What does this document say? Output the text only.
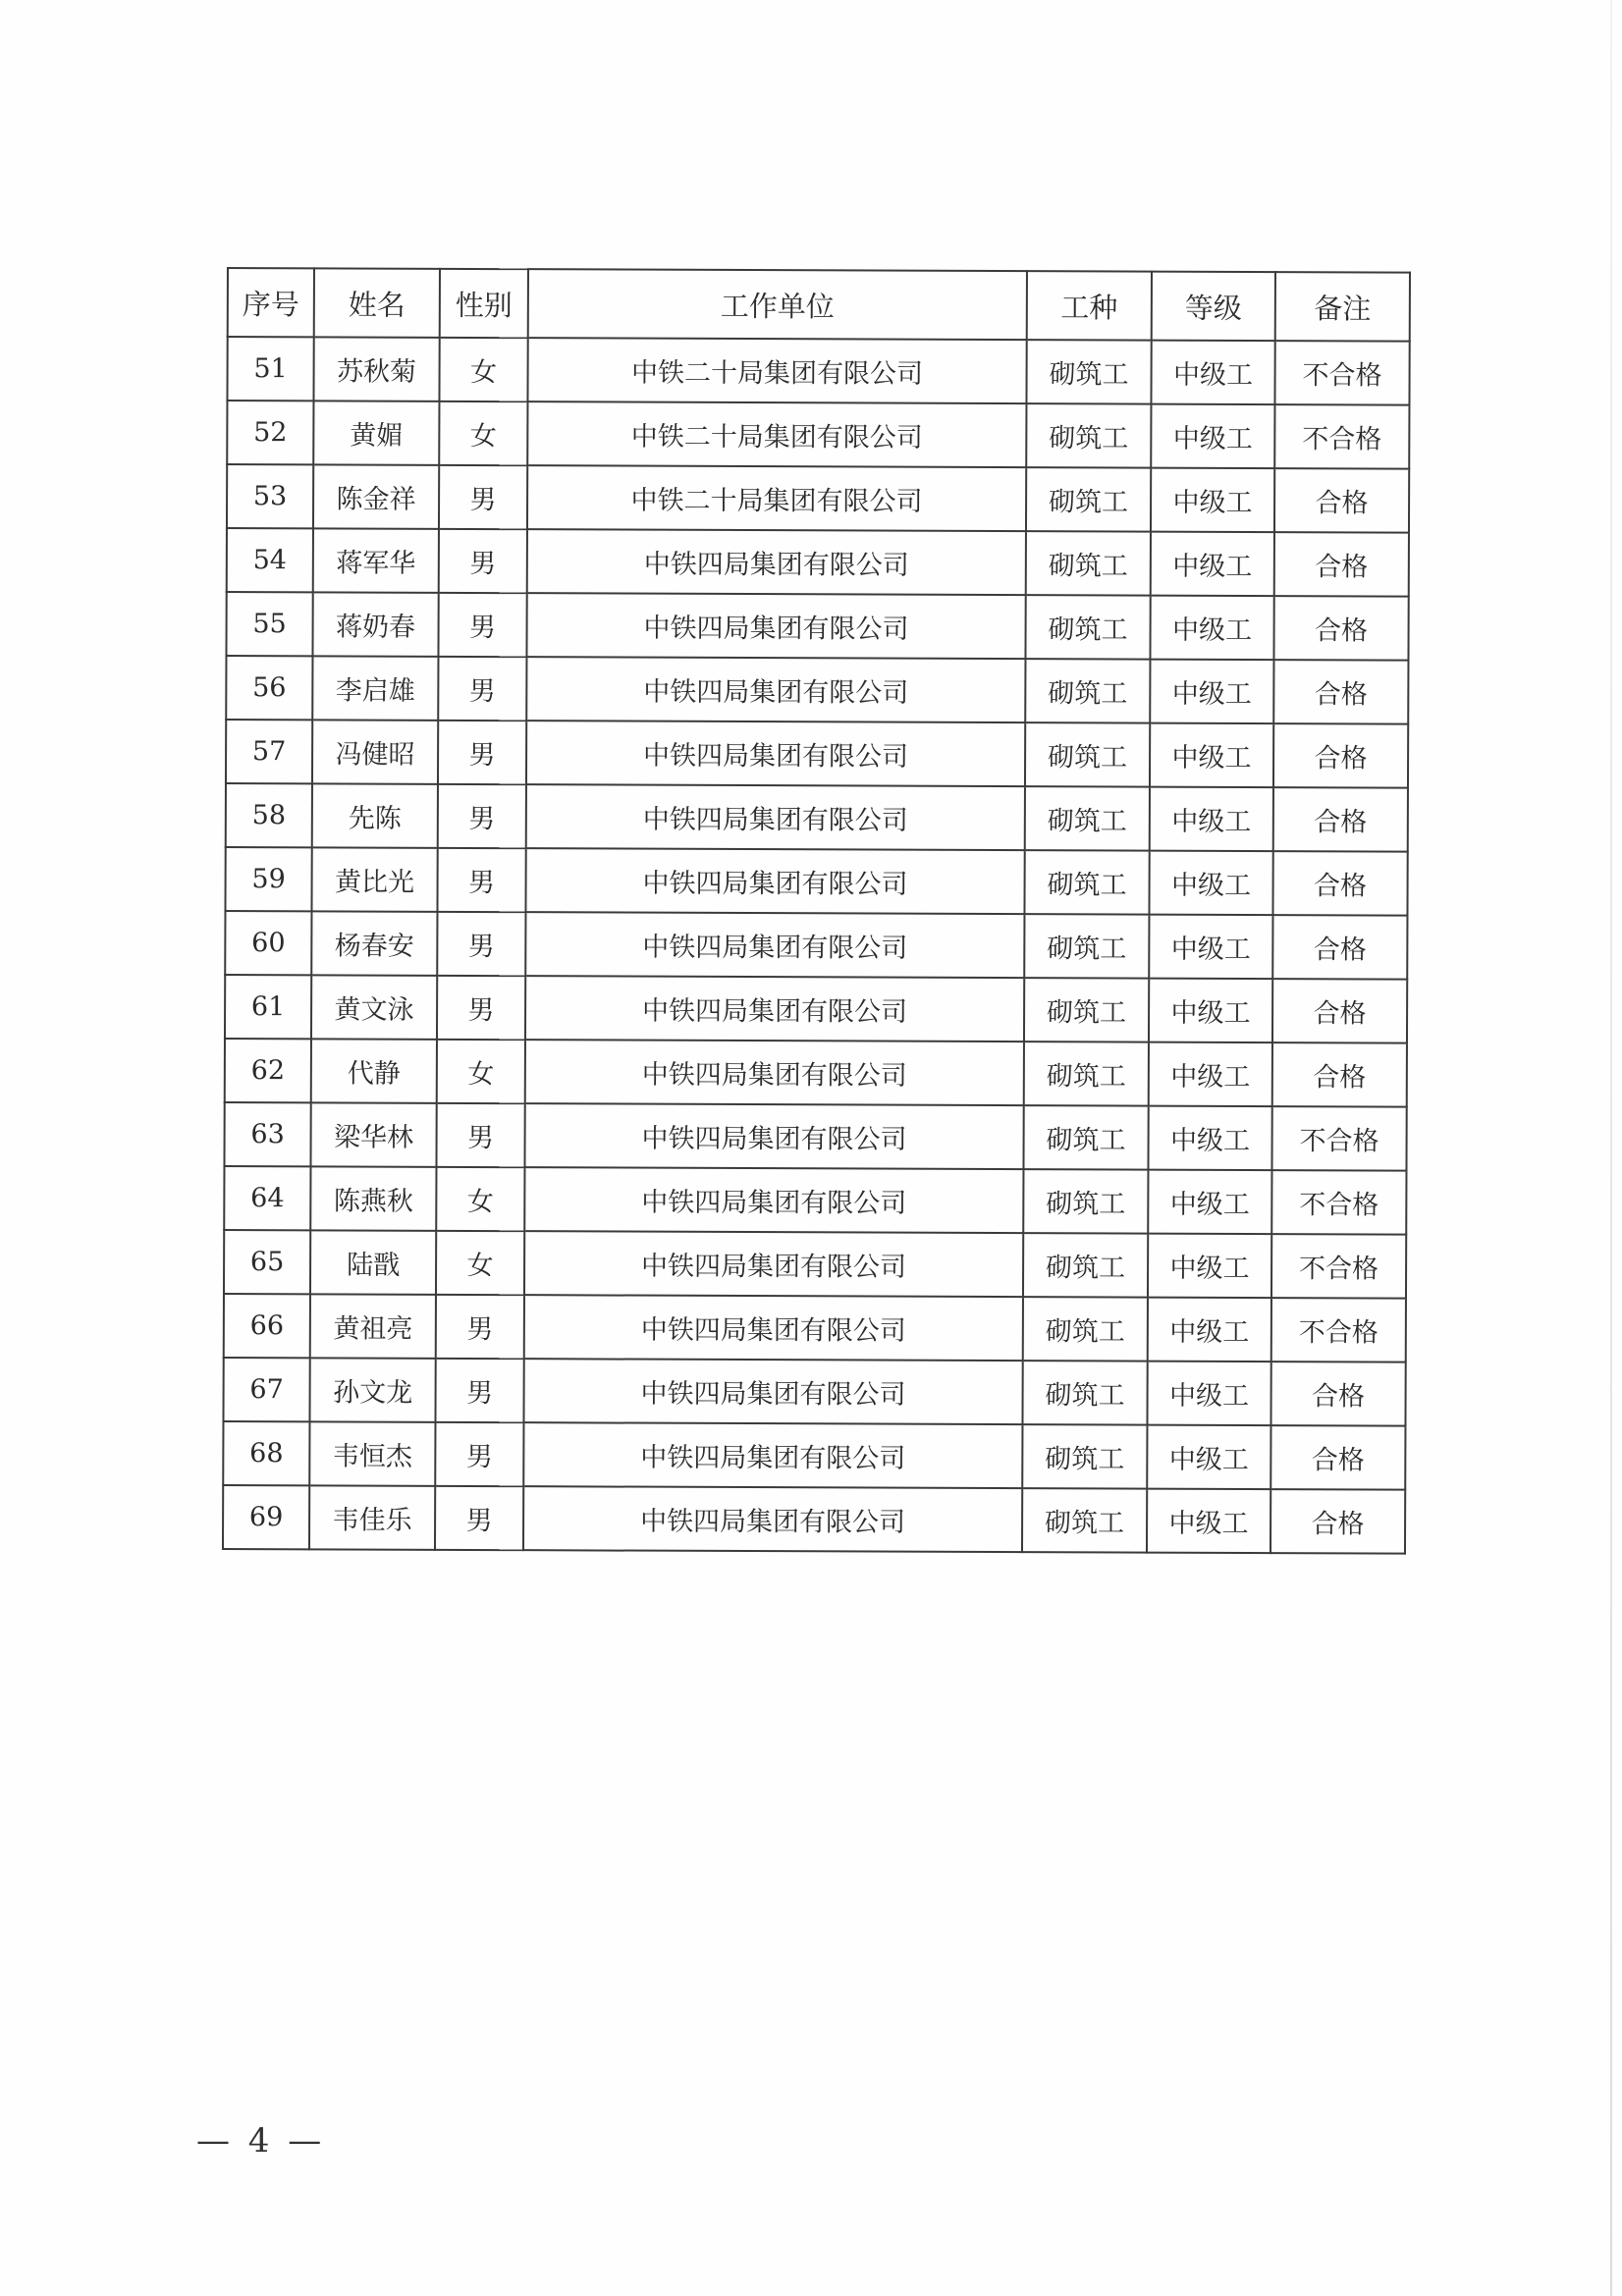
序号	姓名	性别	工作单位	工种	等级	备注
51	苏秋菊	女	中铁二十局集团有限公司	砌筑工	中级工	不合格
52	黄媚	女	中铁二十局集团有限公司	砌筑工	中级工	不合格
53	陈金祥	男	中铁二十局集团有限公司	砌筑工	中级工	合格
54	蒋军华	男	中铁四局集团有限公司	砌筑工	中级工	合格
55	蒋奶春	男	中铁四局集团有限公司	砌筑工	中级工	合格
56	李启雄	男	中铁四局集团有限公司	砌筑工	中级工	合格
57	冯健昭	男	中铁四局集团有限公司	砌筑工	中级工	合格
58	先陈	男	中铁四局集团有限公司	砌筑工	中级工	合格
59	黄比光	男	中铁四局集团有限公司	砌筑工	中级工	合格
60	杨春安	男	中铁四局集团有限公司	砌筑工	中级工	合格
61	黄文泳	男	中铁四局集团有限公司	砌筑工	中级工	合格
62	代静	女	中铁四局集团有限公司	砌筑工	中级工	合格
63	梁华林	男	中铁四局集团有限公司	砌筑工	中级工	不合格
64	陈燕秋	女	中铁四局集团有限公司	砌筑工	中级工	不合格
65	陆戬	女	中铁四局集团有限公司	砌筑工	中级工	不合格
66	黄祖亮	男	中铁四局集团有限公司	砌筑工	中级工	不合格
67	孙文龙	男	中铁四局集团有限公司	砌筑工	中级工	合格
68	韦恒杰	男	中铁四局集团有限公司	砌筑工	中级工	合格
69	韦佳乐	男	中铁四局集团有限公司	砌筑工	中级工	合格
— 4 —
